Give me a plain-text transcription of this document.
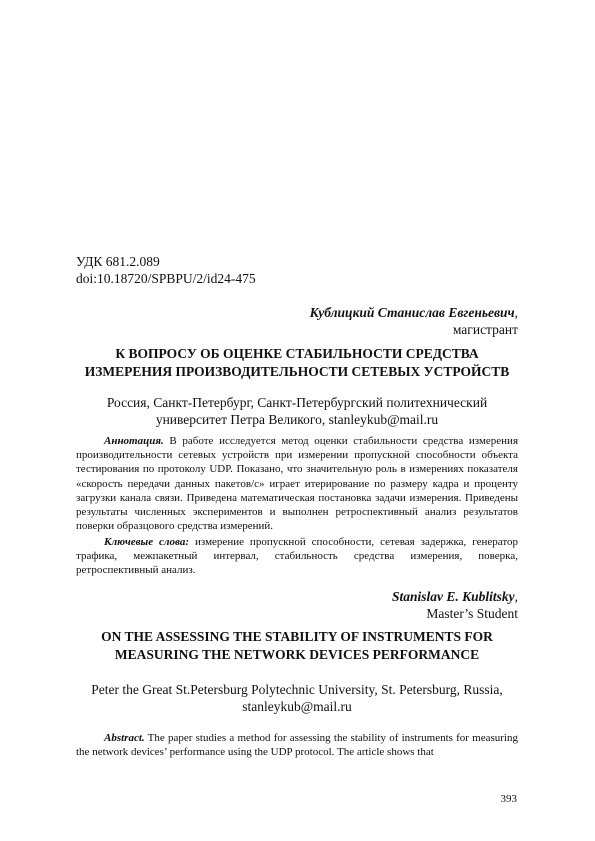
УДК 681.2.089
doi:10.18720/SPBPU/2/id24-475
Кублицкий Станислав Евгеньевич,
магистрант
К ВОПРОСУ ОБ ОЦЕНКЕ СТАБИЛЬНОСТИ СРЕДСТВА
ИЗМЕРЕНИЯ ПРОИЗВОДИТЕЛЬНОСТИ СЕТЕВЫХ УСТРОЙСТВ
Россия, Санкт-Петербург, Санкт-Петербургский политехнический
университет Петра Великого, stanleykub@mail.ru
Аннотация. В работе исследуется метод оценки стабильности средства измерения производительности сетевых устройств при измерении пропускной способности объекта тестирования по протоколу UDP. Показано, что значительную роль в измерениях показателя «скорость передачи данных пакетов/с» играет итерирование по размеру кадра и проценту загрузки канала связи. Приведена математическая постановка задачи измерения. Приведены результаты численных экспериментов и выполнен ретроспективный анализ результатов поверки образцового средства измерений.
Ключевые слова: измерение пропускной способности, сетевая задержка, генератор трафика, межпакетный интервал, стабильность средства измерения, поверка, ретроспективный анализ.
Stanislav E. Kublitsky,
Master’s Student
ON THE ASSESSING THE STABILITY OF INSTRUMENTS FOR
MEASURING THE NETWORK DEVICES PERFORMANCE
Peter the Great St.Petersburg Polytechnic University, St. Petersburg, Russia,
stanleykub@mail.ru
Abstract. The paper studies a method for assessing the stability of instruments for measuring the network devices’ performance using the UDP protocol. The article shows that
393
